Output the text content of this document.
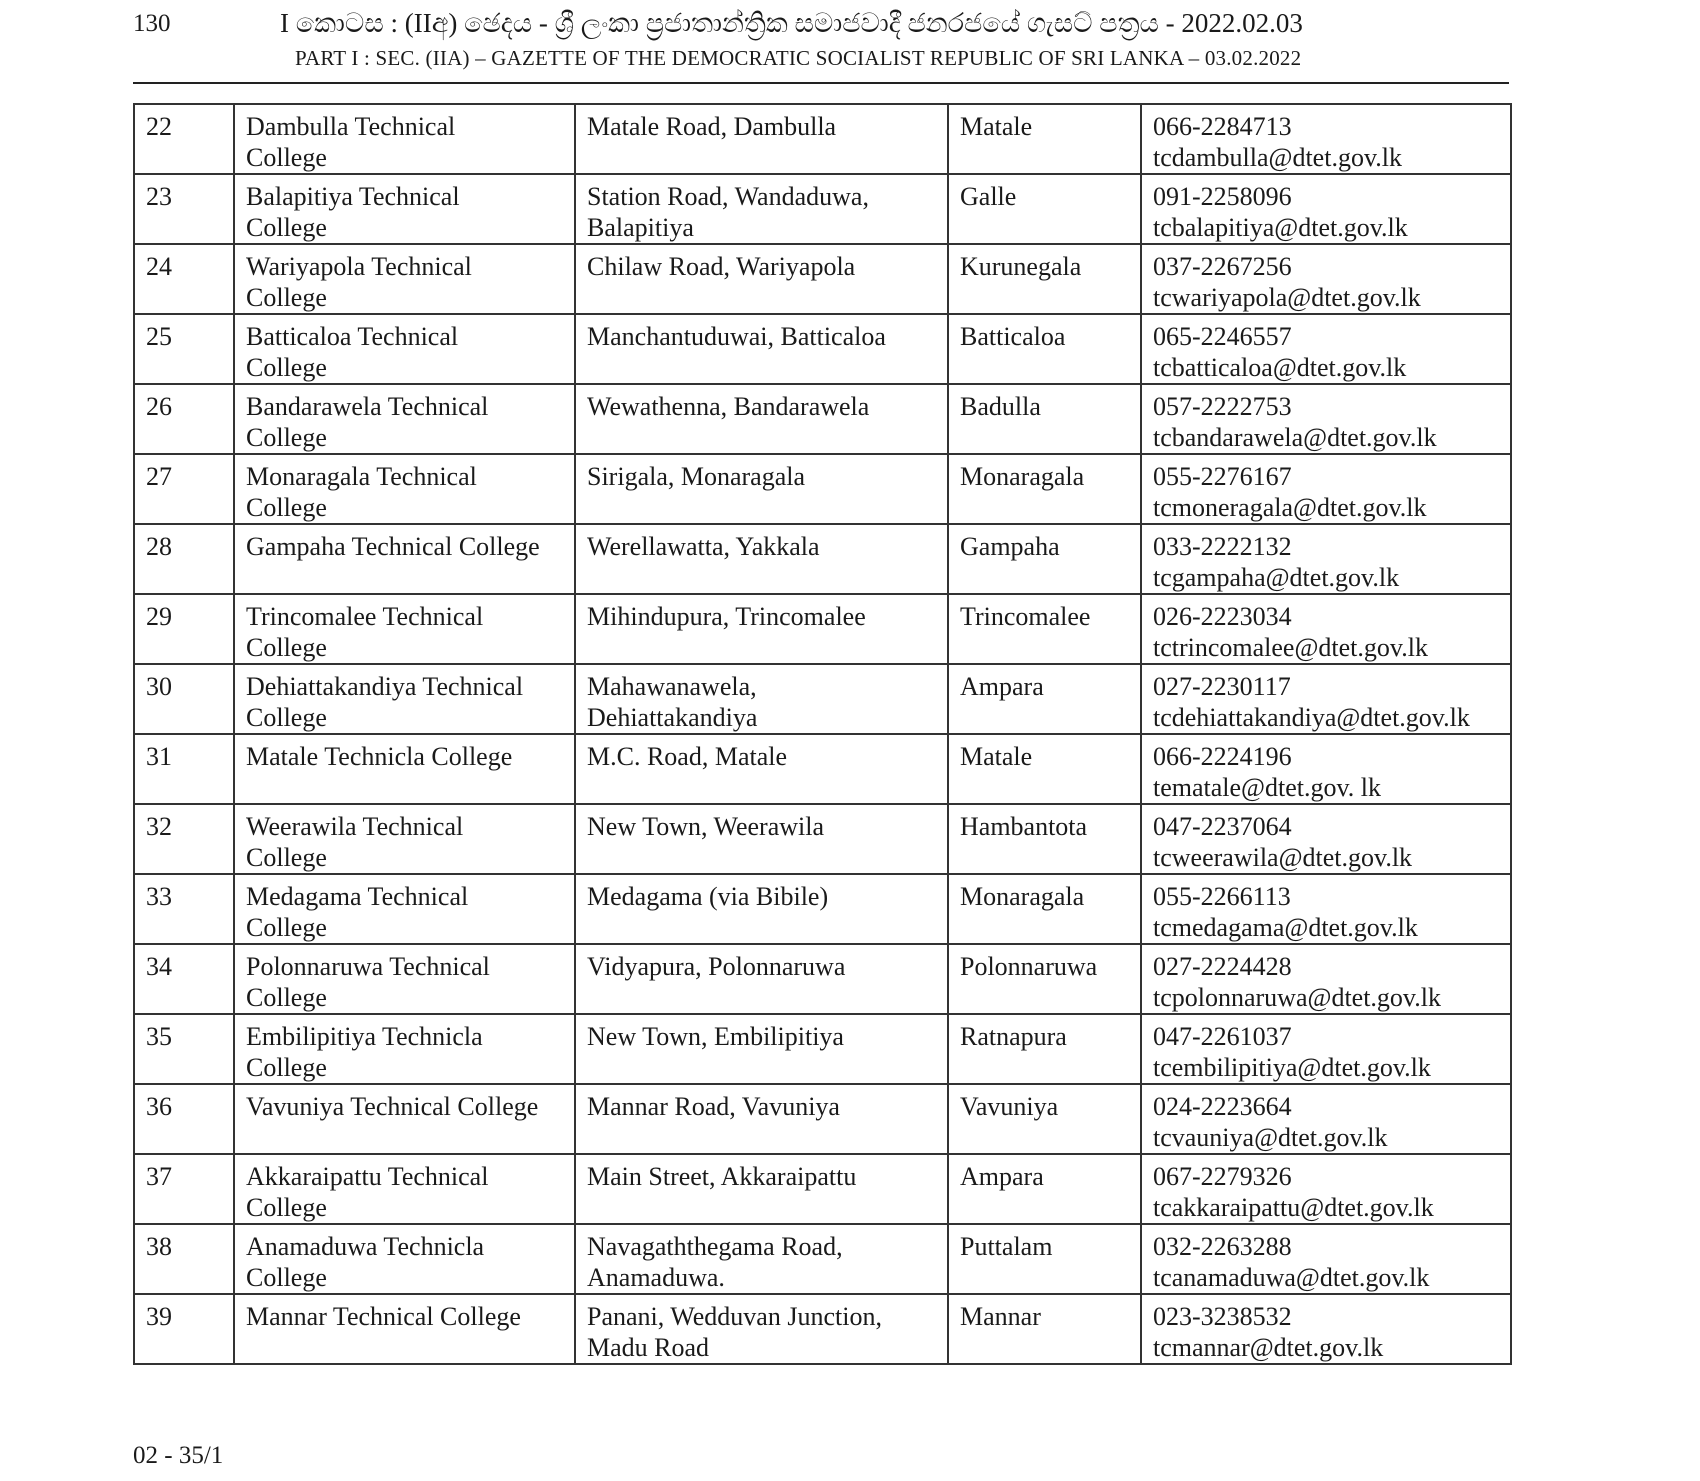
130	I කොටස : (IIඅ) ඡෙදය - ශ්‍රී ලංකා ප්‍රජාතාන්ත්‍රික සමාජවාදී ජනරජයේ ගැසට් පත්‍රය - 2022.02.03
PART I : SEC. (IIA) – GAZETTE OF THE DEMOCRATIC SOCIALIST REPUBLIC OF SRI LANKA – 03.02.2022
22	Dambulla Technical
College	Matale Road, Dambulla	Matale	066-2284713
tcdambulla@dtet.gov.lk

23	Balapitiya Technical
College	Station Road, Wandaduwa,
Balapitiya	Galle	091-2258096
tcbalapitiya@dtet.gov.lk

24	Wariyapola Technical
College	Chilaw Road, Wariyapola	Kurunegala	037-2267256
tcwariyapola@dtet.gov.lk

25	Batticaloa Technical
College	Manchantuduwai, Batticaloa	Batticaloa	065-2246557
tcbatticaloa@dtet.gov.lk

26	Bandarawela Technical
College	Wewathenna, Bandarawela	Badulla	057-2222753
tcbandarawela@dtet.gov.lk

27	Monaragala Technical
College	Sirigala, Monaragala	Monaragala	055-2276167
tcmoneragala@dtet.gov.lk

28	Gampaha Technical College	Werellawatta, Yakkala	Gampaha	033-2222132
tcgampaha@dtet.gov.lk

29	Trincomalee Technical
College	Mihindupura, Trincomalee	Trincomalee	026-2223034
tctrincomalee@dtet.gov.lk

30	Dehiattakandiya Technical
College	Mahawanawela,
Dehiattakandiya	Ampara	027-2230117
tcdehiattakandiya@dtet.gov.lk

31	Matale Technicla College	M.C. Road, Matale	Matale	066-2224196
tematale@dtet.gov. lk

32	Weerawila Technical
College	New Town, Weerawila	Hambantota	047-2237064
tcweerawila@dtet.gov.lk

33	Medagama Technical
College	Medagama (via Bibile)	Monaragala	055-2266113
tcmedagama@dtet.gov.lk

34	Polonnaruwa Technical
College	Vidyapura, Polonnaruwa	Polonnaruwa	027-2224428
tcpolonnaruwa@dtet.gov.lk

35	Embilipitiya Technicla
College	New Town, Embilipitiya	Ratnapura	047-2261037
tcembilipitiya@dtet.gov.lk

36	Vavuniya Technical College	Mannar Road, Vavuniya	Vavuniya	024-2223664
tcvauniya@dtet.gov.lk

37	Akkaraipattu Technical
College	Main Street, Akkaraipattu	Ampara	067-2279326
tcakkaraipattu@dtet.gov.lk

38	Anamaduwa Technicla
College	Navagaththegama Road,
Anamaduwa.	Puttalam	032-2263288
tcanamaduwa@dtet.gov.lk

39	Mannar Technical College	Panani, Wedduvan Junction,
Madu Road	Mannar	023-3238532
tcmannar@dtet.gov.lk
02 - 35/1
